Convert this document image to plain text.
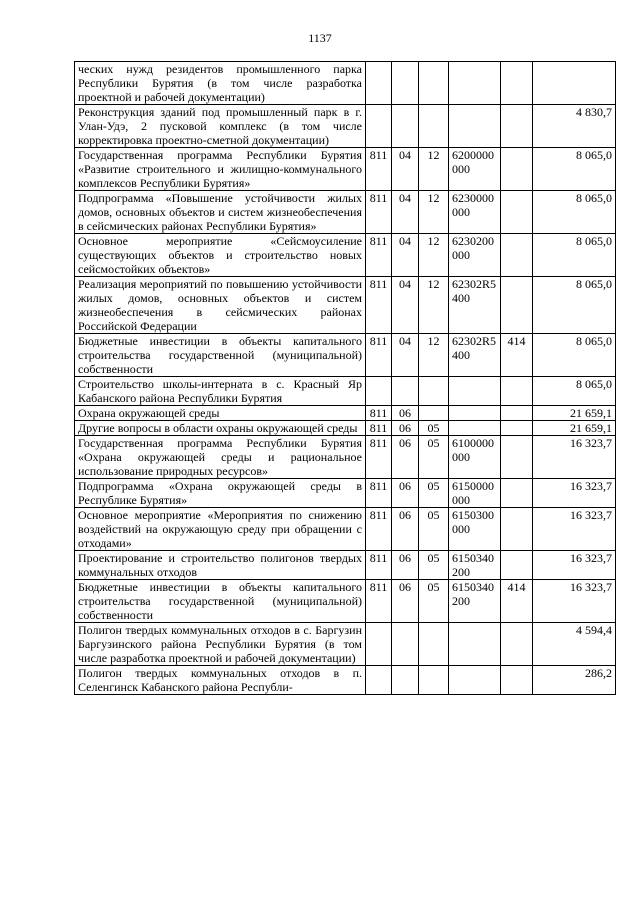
1137
ческих нужд резидентов промышленного парка Республики Бурятия (в том числе разработка проектной и рабочей документации)						
Реконструкция зданий под промышленный парк в г. Улан-Удэ, 2 пусковой комплекс (в том числе корректировка проектно-сметной документации)						4 830,7
Государственная программа Республики Бурятия «Развитие строительного и жилищно-коммунального комплексов Республики Бурятия»	811	04	12	6200000 000		8 065,0
Подпрограмма «Повышение устойчивости жилых домов, основных объектов и систем жизнеобеспечения в сейсмических районах Республики Бурятия»	811	04	12	6230000 000		8 065,0
Основное мероприятие «Сейсмоусиление существующих объектов и строительство новых сейсмостойких объектов»	811	04	12	6230200 000		8 065,0
Реализация мероприятий по повышению устойчивости жилых домов, основных объектов и систем жизнеобеспечения в сейсмических районах Российской Федерации	811	04	12	62302R5 400		8 065,0
Бюджетные инвестиции в объекты капитального строительства государственной (муниципальной) собственности	811	04	12	62302R5 400	414	8 065,0
Строительство школы-интерната в с. Красный Яр Кабанского района Республики Бурятия						8 065,0
Охрана окружающей среды	811	06				21 659,1
Другие вопросы в области охраны окружающей среды	811	06	05			21 659,1
Государственная программа Республики Бурятия «Охрана окружающей среды и рациональное использование природных ресурсов»	811	06	05	6100000 000		16 323,7
Подпрограмма «Охрана окружающей среды в Республике Бурятия»	811	06	05	6150000 000		16 323,7
Основное мероприятие «Мероприятия по снижению воздействий на окружающую среду при обращении с отходами»	811	06	05	6150300 000		16 323,7
Проектирование и строительство полигонов твердых коммунальных отходов	811	06	05	6150340 200		16 323,7
Бюджетные инвестиции в объекты капитального строительства государственной (муниципальной) собственности	811	06	05	6150340 200	414	16 323,7
Полигон твердых коммунальных отходов в с. Баргузин Баргузинского района Республики Бурятия (в том числе разработка проектной и рабочей документации)						4 594,4
Полигон твердых коммунальных отходов в п. Селенгинск Кабанского района Республи-						286,2
